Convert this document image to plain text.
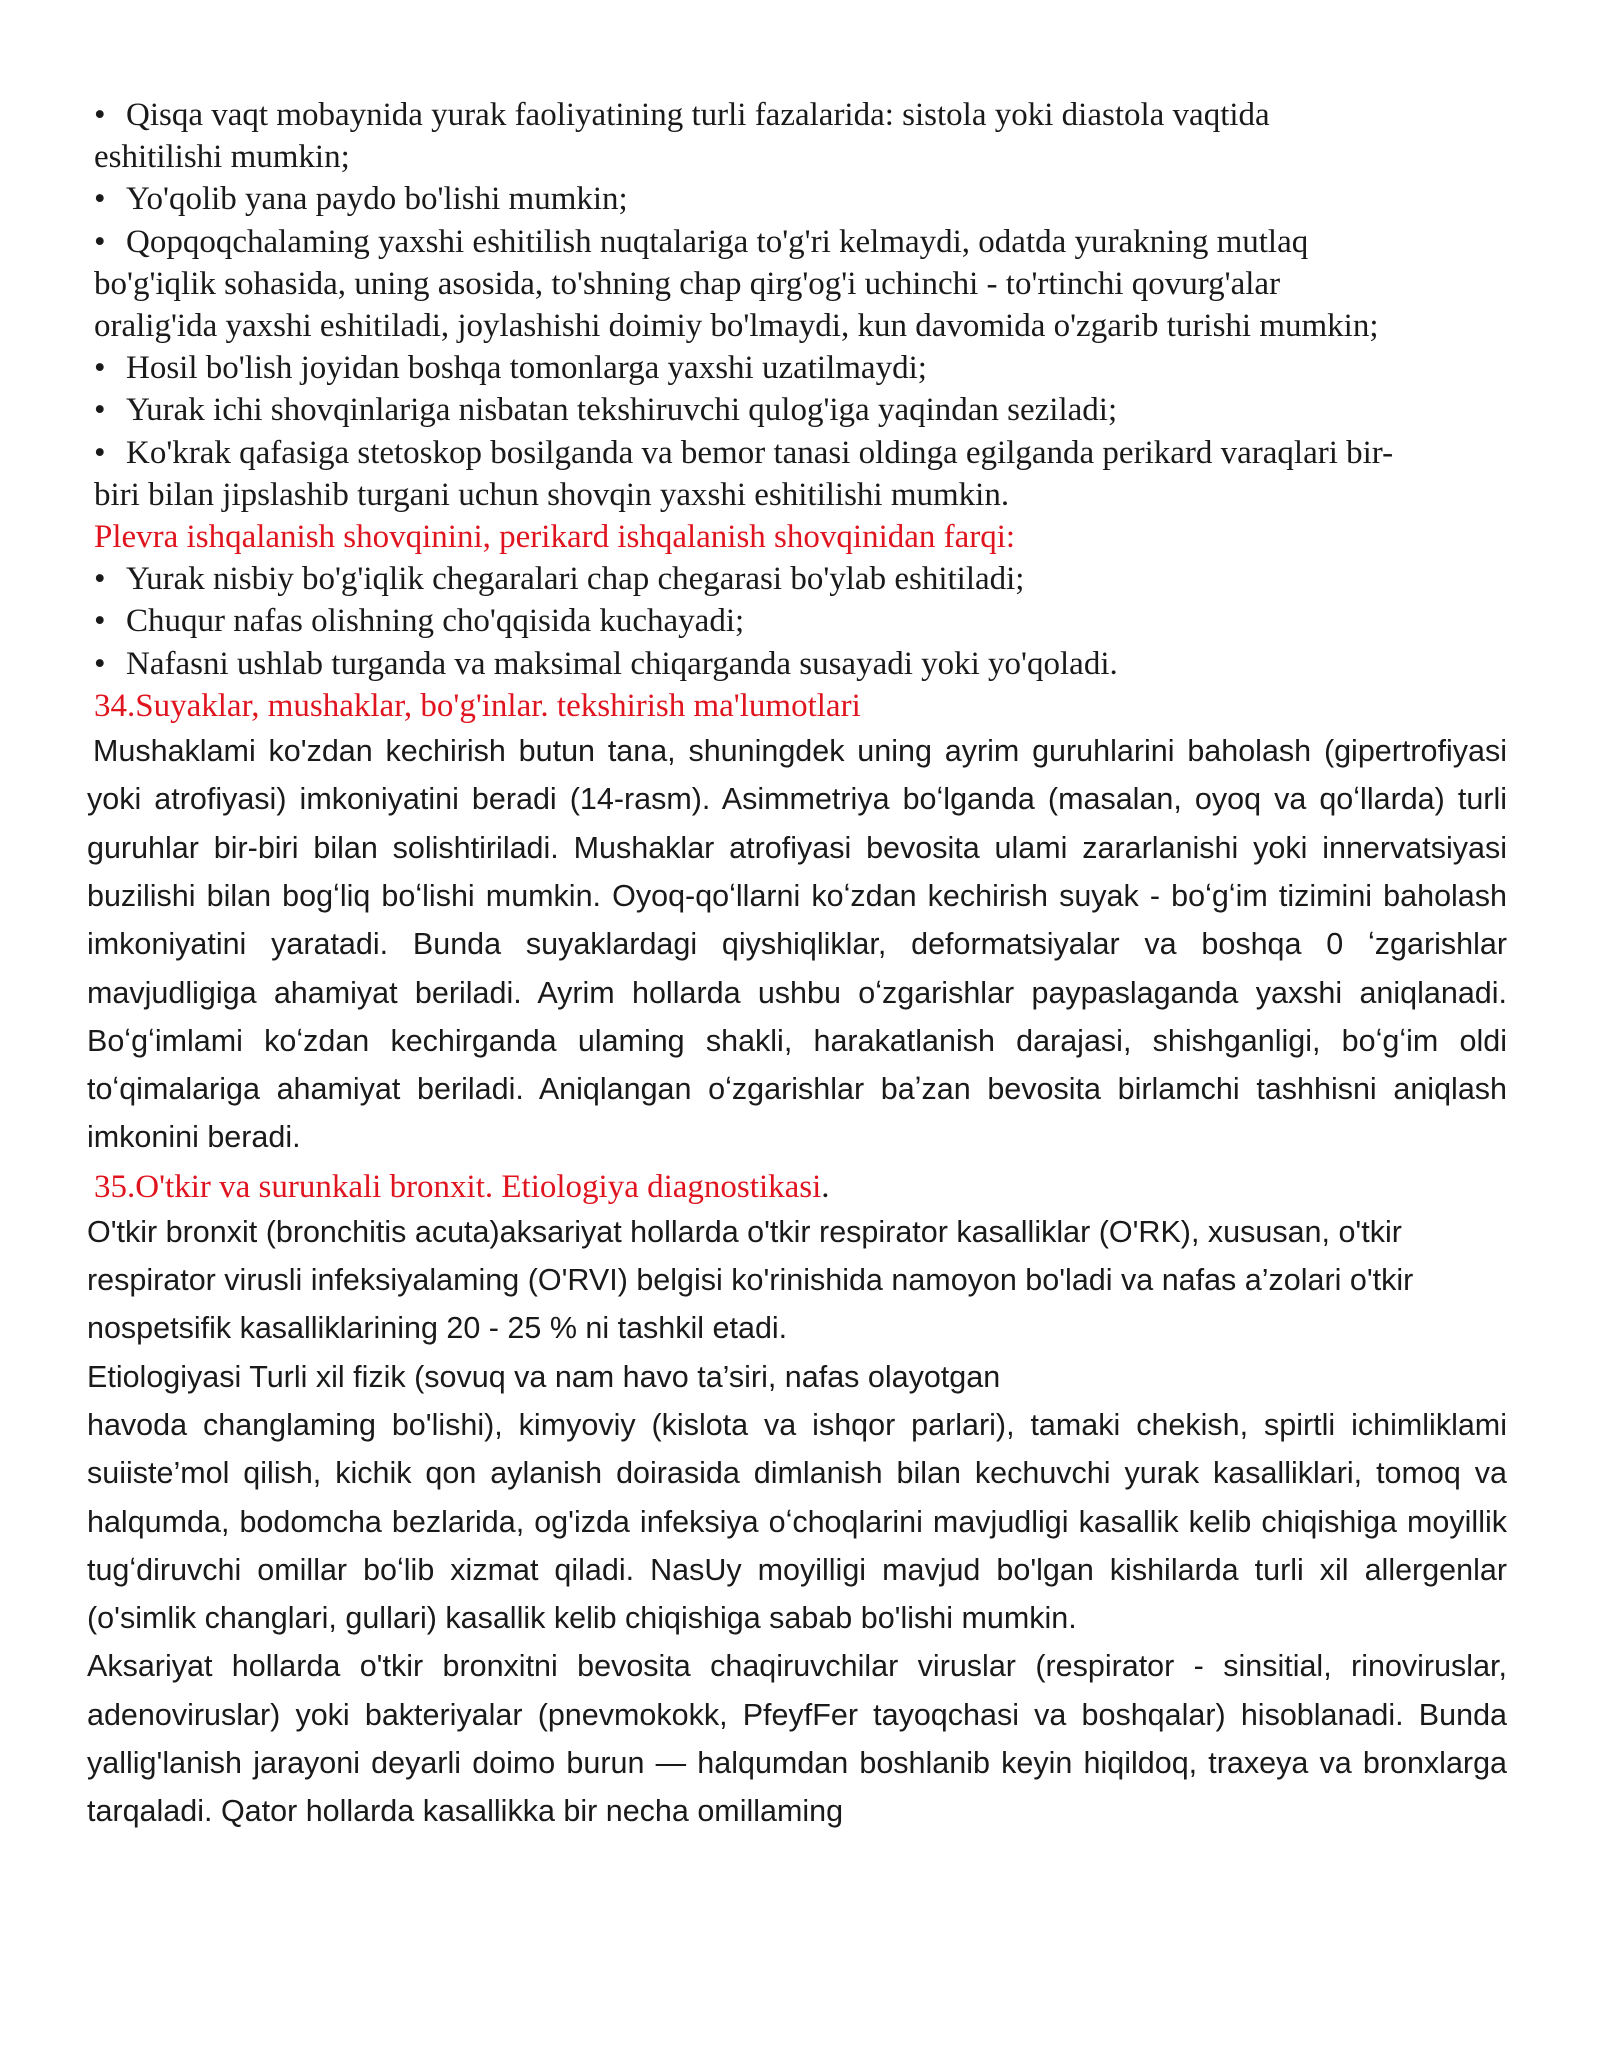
• Qisqa vaqt mobaynida yurak faoliyatining turli fazalarida: sistola yoki diastola vaqtida eshitilishi mumkin;

• Yo'qolib yana paydo bo'lishi mumkin;

• Qopqoqchalaming yaxshi eshitilish nuqtalariga to'g'ri kelmaydi, odatda yurakning mutlaq bo'g'iqlik sohasida, uning asosida, to'shning chap qirg'og'i uchinchi - to'rtinchi qovurg'alar oralig'ida yaxshi eshitiladi, joylashishi doimiy bo'lmaydi, kun davomida o'zgarib turishi mumkin;

• Hosil bo'lish joyidan boshqa tomonlarga yaxshi uzatilmaydi;

• Yurak ichi shovqinlariga nisbatan tekshiruvchi qulog'iga yaqindan seziladi;

• Ko'krak qafasiga stetoskop bosilganda va bemor tanasi oldinga egilganda perikard varaqlari bir-biri bilan jipslashib turgani uchun shovqin yaxshi eshitilishi mumkin.

Plevra ishqalanish shovqinini, perikard ishqalanish shovqinidan farqi:

• Yurak nisbiy bo'g'iqlik chegaralari chap chegarasi bo'ylab eshitiladi;

• Chuqur nafas olishning cho'qqisida kuchayadi;

• Nafasni ushlab turganda va maksimal chiqarganda susayadi yoki yo'qoladi.

34.Suyaklar, mushaklar, bo'g'inlar. tekshirish ma'lumotlari

Mushaklami ko'zdan kechirish butun tana, shuningdek uning ayrim guruhlarini baholash (gipertrofiyasi yoki atrofiyasi) imkoniyatini beradi (14-rasm). Asimmetriya boʻlganda (masalan, oyoq va qoʻllarda) turli guruhlar bir-biri bilan solishtiriladi. Mushaklar atrofiyasi bevosita ulami zararlanishi yoki innervatsiyasi buzilishi bilan bogʻliq boʻlishi mumkin. Oyoq-qoʻllarni koʻzdan kechirish suyak - boʻgʻim tizimini baholash imkoniyatini yaratadi. Bunda suyaklardagi qiyshiqliklar, deformatsiyalar va boshqa 0 ʻzgarishlar mavjudligiga ahamiyat beriladi. Ayrim hollarda ushbu oʻzgarishlar paypaslaganda yaxshi aniqlanadi. Boʻgʻimlami koʻzdan kechirganda ulaming shakli, harakatlanish darajasi, shishganligi, boʻgʻim oldi toʻqimalariga ahamiyat beriladi. Aniqlangan oʻzgarishlar baʼzan bevosita birlamchi tashhisni aniqlash imkonini beradi.

35.O'tkir va surunkali bronxit. Etiologiya diagnostikasi.

O'tkir bronxit (bronchitis acuta)aksariyat hollarda o'tkir respirator kasalliklar (O'RK), xususan, o'tkir respirator virusli infeksiyalaming (O'RVI) belgisi ko'rinishida namoyon bo'ladi va nafas a’zolari o'tkir nospetsifik kasalliklarining 20 - 25 % ni tashkil etadi.

Etiologiyasi Turli xil fizik (sovuq va nam havo ta’siri, nafas olayotgan

havoda changlaming bo'lishi), kimyoviy (kislota va ishqor parlari), tamaki chekish, spirtli ichimliklami suiiste’mol qilish, kichik qon aylanish doirasida dimlanish bilan kechuvchi yurak kasalliklari, tomoq va halqumda, bodomcha bezlarida, og'izda infeksiya oʻchoqlarini mavjudligi kasallik kelib chiqishiga moyillik tugʻdiruvchi omillar boʻlib xizmat qiladi. NasUy moyilligi mavjud bo'lgan kishilarda turli xil allergenlar (o'simlik changlari, gullari) kasallik kelib chiqishiga sabab bo'lishi mumkin.

Aksariyat hollarda o'tkir bronxitni bevosita chaqiruvchilar viruslar (respirator - sinsitial, rinoviruslar, adenoviruslar) yoki bakteriyalar (pnevmokokk, PfeyfFer tayoqchasi va boshqalar) hisoblanadi. Bunda yallig'lanish jarayoni deyarli doimo burun — halqumdan boshlanib keyin hiqildoq, traxeya va bronxlarga tarqaladi. Qator hollarda kasallikka bir necha omillaming
